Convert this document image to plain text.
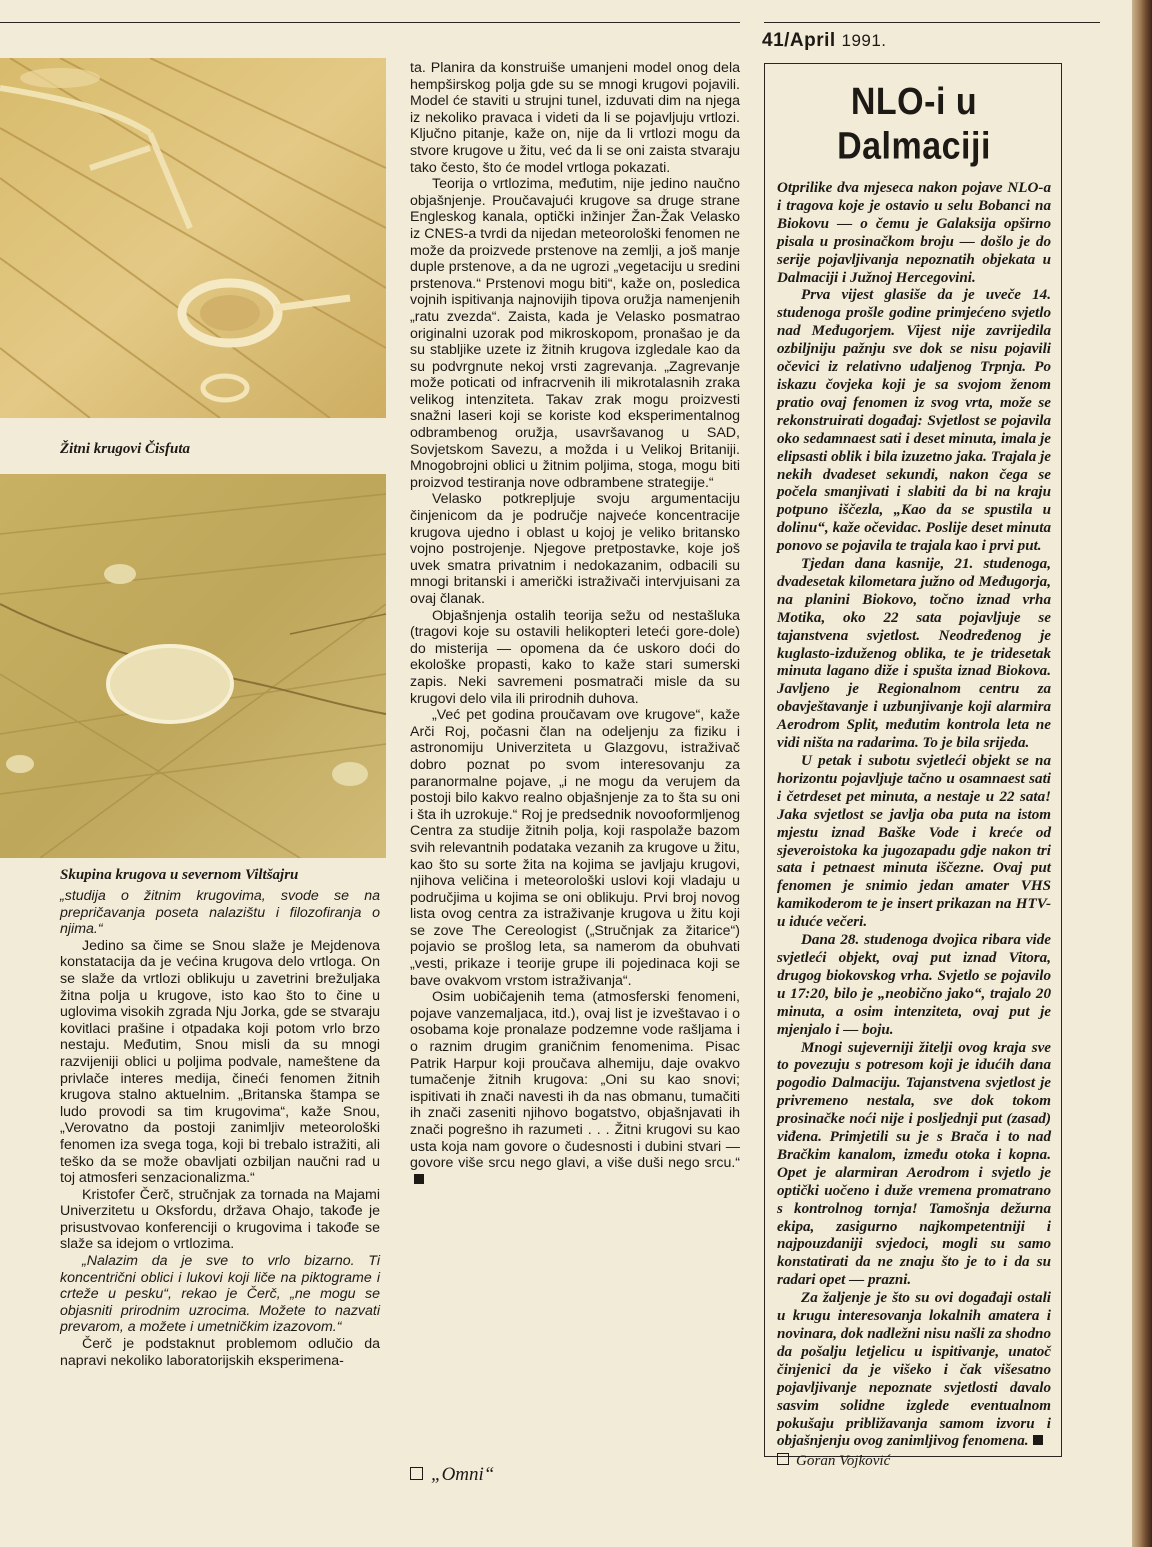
41/April 1991.
Žitni krugovi Čisfuta
Skupina krugova u severnom Viltšajru

„studija o žitnim krugovima, svode se na prepričavanja poseta nalazištu i filozofiranja o njima.“

Jedino sa čime se Snou slaže je Mejdenova konstatacija da je većina krugova delo vrtloga. On se slaže da vrtlozi oblikuju u zavetrini brežuljaka žitna polja u krugove, isto kao što to čine u uglovima visokih zgrada Nju Jorka, gde se stvaraju kovitlaci prašine i otpadaka koji potom vrlo brzo nestaju. Međutim, Snou misli da su mnogi razvijeniji oblici u poljima podvale, nameštene da privlače interes medija, čineći fenomen žitnih krugova stalno aktuelnim. „Britanska štampa se ludo provodi sa tim krugovima“, kaže Snou, „Verovatno da postoji zanimljiv meteorološki fenomen iza svega toga, koji bi trebalo istražiti, ali teško da se može obavljati ozbiljan naučni rad u toj atmosferi senzacionalizma.“

Kristofer Čerč, stručnjak za tornada na Majami Univerzitetu u Oksfordu, država Ohajo, takođe je prisustvovao konferenciji o krugovima i takođe se slaže sa idejom o vrtlozima.

„Nalazim da je sve to vrlo bizarno. Ti koncentrični oblici i lukovi koji liče na piktograme i crteže u pesku“, rekao je Čerč, „ne mogu se objasniti prirodnim uzrocima. Možete to nazvati prevarom, a možete i umetničkim izazovom.“

Čerč je podstaknut problemom odlučio da napravi nekoliko laboratorijskih eksperimena-

ta. Planira da konstruiše umanjeni model onog dela hempširskog polja gde su se mnogi krugovi pojavili. Model će staviti u strujni tunel, izduvati dim na njega iz nekoliko pravaca i videti da li se pojavljuju vrtlozi. Ključno pitanje, kaže on, nije da li vrtlozi mogu da stvore krugove u žitu, već da li se oni zaista stvaraju tako često, što će model vrtloga pokazati.

Teorija o vrtlozima, međutim, nije jedino naučno objašnjenje. Proučavajući krugove sa druge strane Engleskog kanala, optički inžinjer Žan-Žak Velasko iz CNES-a tvrdi da nijedan meteorološki fenomen ne može da proizvede prstenove na zemlji, a još manje duple prstenove, a da ne ugrozi „vegetaciju u sredini prstenova.“ Prstenovi mogu biti“, kaže on, posledica vojnih ispitivanja najnovijih tipova oružja namenjenih „ratu zvezda“. Zaista, kada je Velasko posmatrao originalni uzorak pod mikroskopom, pronašao je da su stabljike uzete iz žitnih krugova izgledale kao da su podvrgnute nekoj vrsti zagrevanja. „Zagrevanje može poticati od infracrvenih ili mikrotalasnih zraka velikog intenziteta. Takav zrak mogu proizvesti snažni laseri koji se koriste kod eksperimentalnog odbrambenog oružja, usavršavanog u SAD, Sovjetskom Savezu, a možda i u Velikoj Britaniji. Mnogobrojni oblici u žitnim poljima, stoga, mogu biti proizvod testiranja nove odbrambene strategije.“

Velasko potkrepljuje svoju argumentaciju činjenicom da je područje najveće koncentracije krugova ujedno i oblast u kojoj je veliko britansko vojno postrojenje. Njegove pretpostavke, koje još uvek smatra privatnim i nedokazanim, odbacili su mnogi britanski i američki istraživači intervjuisani za ovaj članak.

Objašnjenja ostalih teorija sežu od nestašluka (tragovi koje su ostavili helikopteri leteći gore-dole) do misterija — opomena da će uskoro doći do ekološke propasti, kako to kaže stari sumerski zapis. Neki savremeni posmatrači misle da su krugovi delo vila ili prirodnih duhova.

„Već pet godina proučavam ove krugove“, kaže Arči Roj, počasni član na odeljenju za fiziku i astronomiju Univerziteta u Glazgovu, istraživač dobro poznat po svom interesovanju za paranormalne pojave, „i ne mogu da verujem da postoji bilo kakvo realno objašnjenje za to šta su oni i šta ih uzrokuje.“ Roj je predsednik novooformljenog Centra za studije žitnih polja, koji raspolaže bazom svih relevantnih podataka vezanih za krugove u žitu, kao što su sorte žita na kojima se javljaju krugovi, njihova veličina i meteorološki uslovi koji vladaju u područjima u kojima se oni oblikuju. Prvi broj novog lista ovog centra za istraživanje krugova u žitu koji se zove The Cereologist („Stručnjak za žitarice“) pojavio se prošlog leta, sa namerom da obuhvati „vesti, prikaze i teorije grupe ili pojedinaca koji se bave ovakvom vrstom istraživanja“.

Osim uobičajenih tema (atmosferski fenomeni, pojave vanzemaljaca, itd.), ovaj list je izveštavao i o osobama koje pronalaze podzemne vode rašljama i o raznim drugim graničnim fenomenima. Pisac Patrik Harpur koji proučava alhemiju, daje ovakvo tumačenje žitnih krugova: „Oni su kao snovi; ispitivati ih znači navesti ih da nas obmanu, tumačiti ih znači zaseniti njihovo bogatstvo, objašnjavati ih znači pogrešno ih razumeti . . . Žitni krugovi su kao usta koja nam govore o čudesnosti i dubini stvari — govore više srcu nego glavi, a više duši nego srcu.“

„Omni“
NLO-i u Dalmaciji

Otprilike dva mjeseca nakon pojave NLO-a i tragova koje je ostavio u selu Bobanci na Biokovu — o čemu je Galaksija opširno pisala u prosinačkom broju — došlo je do serije pojavljivanja nepoznatih objekata u Dalmaciji i Južnoj Hercegovini.

Prva vijest glasiše da je uveče 14. studenoga prošle godine primjećeno svjetlo nad Međugorjem. Vijest nije zavrijedila ozbiljniju pažnju sve dok se nisu pojavili očevici iz relativno udaljenog Trpnja. Po iskazu čovjeka koji je sa svojom ženom pratio ovaj fenomen iz svog vrta, može se rekonstruirati događaj: Svjetlost se pojavila oko sedamnaest sati i deset minuta, imala je elipsasti oblik i bila izuzetno jaka. Trajala je nekih dvadeset sekundi, nakon čega se počela smanjivati i slabiti da bi na kraju potpuno iščezla, „Kao da se spustila u dolinu“, kaže očevidac. Poslije deset minuta ponovo se pojavila te trajala kao i prvi put.

Tjedan dana kasnije, 21. studenoga, dvadesetak kilometara južno od Međugorja, na planini Biokovo, točno iznad vrha Motika, oko 22 sata pojavljuje se tajanstvena svjetlost. Neodređenog je kuglasto-izduženog oblika, te je tridesetak minuta lagano diže i spušta iznad Biokova. Javljeno je Regionalnom centru za obavještavanje i uzbunjivanje koji alarmira Aerodrom Split, međutim kontrola leta ne vidi ništa na radarima. To je bila srijeda.

U petak i subotu svjetleći objekt se na horizontu pojavljuje tačno u osamnaest sati i četrdeset pet minuta, a nestaje u 22 sata! Jaka svjetlost se javlja oba puta na istom mjestu iznad Baške Vode i kreće od sjeveroistoka ka jugozapadu gdje nakon tri sata i petnaest minuta iščezne. Ovaj put fenomen je snimio jedan amater VHS kamikoderom te je insert prikazan na HTV-u iduće večeri.

Dana 28. studenoga dvojica ribara vide svjetleći objekt, ovaj put iznad Vitora, drugog biokovskog vrha. Svjetlo se pojavilo u 17:20, bilo je „neobično jako“, trajalo 20 minuta, a osim intenziteta, ovaj put je mjenjalo i — boju.

Mnogi sujeverniji žitelji ovog kraja sve to povezuju s potresom koji je idućih dana pogodio Dalmaciju. Tajanstvena svjetlost je privremeno nestala, sve dok tokom prosinačke noći nije i posljednji put (zasad) viđena. Primjetili su je s Brača i to nad Bračkim kanalom, između otoka i kopna. Opet je alarmiran Aerodrom i svjetlo je optički uočeno i duže vremena promatrano s kontrolnog tornja! Tamošnja dežurna ekipa, zasigurno najkompetentniji i najpouzdaniji svjedoci, mogli su samo konstatirati da ne znaju što je to i da su radari opet — prazni.

Za žaljenje je što su ovi događaji ostali u krugu interesovanja lokalnih amatera i novinara, dok nadležni nisu našli za shodno da pošalju letjelicu u ispitivanje, unatoč činjenici da je višeko i čak višesatno pojavljivanje nepoznate svjetlosti davalo sasvim solidne izglede eventualnom pokušaju približavanja samom izvoru i objašnjenju ovog zanimljivog fenomena.

Goran Vojković
